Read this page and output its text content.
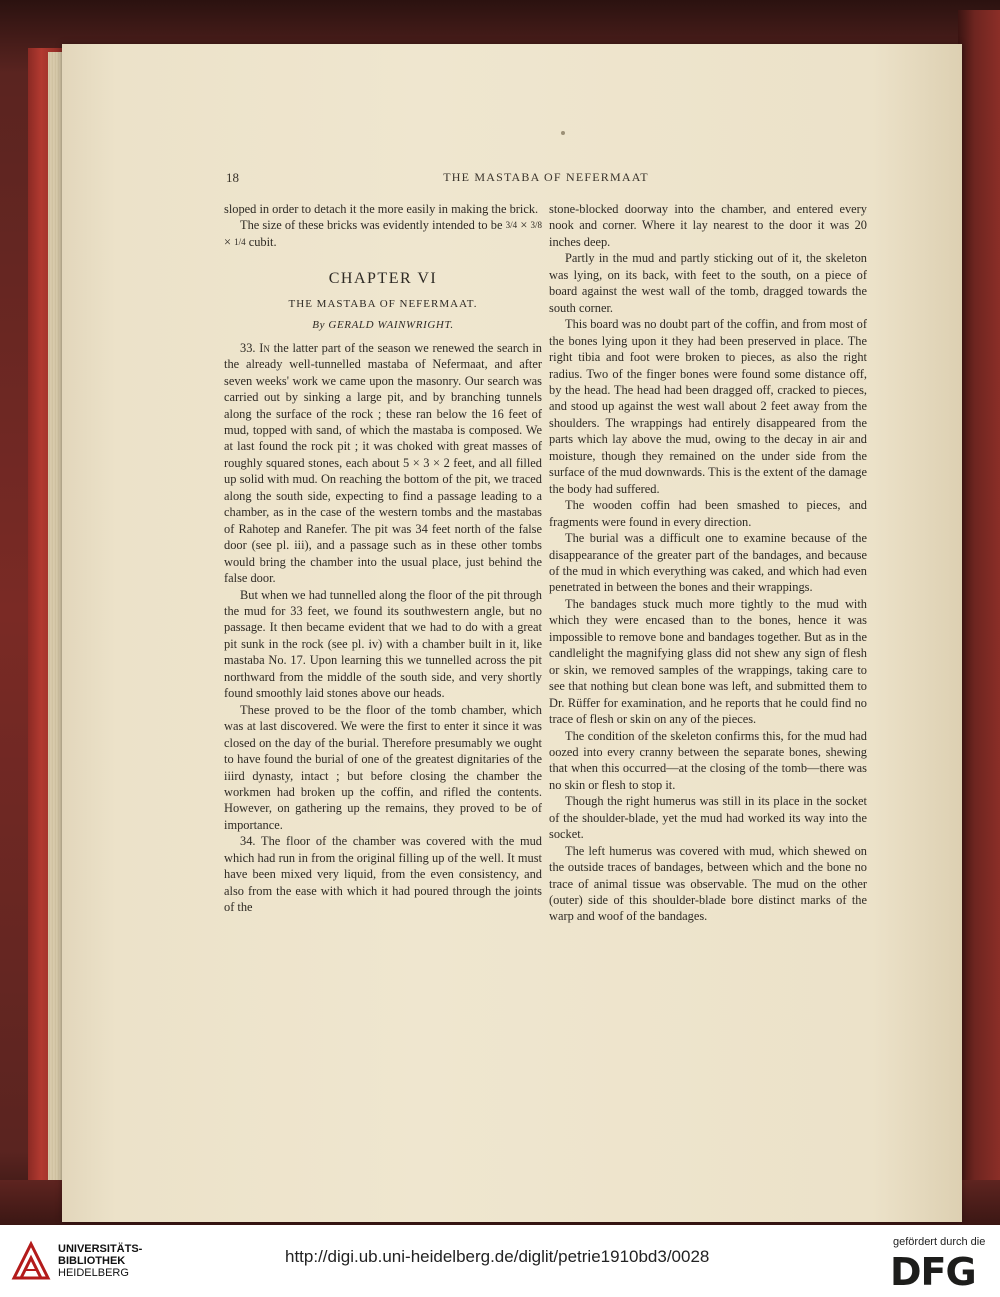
18	THE MASTABA OF NEFERMAAT

sloped in order to detach it the more easily in making the brick.

The size of these bricks was evidently intended to be 3/4 × 3/8 × 1/4 cubit.

CHAPTER VI
THE MASTABA OF NEFERMAAT.
By GERALD WAINWRIGHT.

33. In the latter part of the season we renewed the search in the already well-tunnelled mastaba of Nefermaat, and after seven weeks' work we came upon the masonry. Our search was carried out by sinking a large pit, and by branching tunnels along the surface of the rock ; these ran below the 16 feet of mud, topped with sand, of which the mastaba is composed. We at last found the rock pit ; it was choked with great masses of roughly squared stones, each about 5 × 3 × 2 feet, and all filled up solid with mud. On reaching the bottom of the pit, we traced along the south side, expecting to find a passage leading to a chamber, as in the case of the western tombs and the mastabas of Rahotep and Ranefer. The pit was 34 feet north of the false door (see pl. iii), and a passage such as in these other tombs would bring the chamber into the usual place, just behind the false door.

But when we had tunnelled along the floor of the pit through the mud for 33 feet, we found its southwestern angle, but no passage. It then became evident that we had to do with a great pit sunk in the rock (see pl. iv) with a chamber built in it, like mastaba No. 17. Upon learning this we tunnelled across the pit northward from the middle of the south side, and very shortly found smoothly laid stones above our heads.

These proved to be the floor of the tomb chamber, which was at last discovered. We were the first to enter it since it was closed on the day of the burial. Therefore presumably we ought to have found the burial of one of the greatest dignitaries of the iiird dynasty, intact ; but before closing the chamber the workmen had broken up the coffin, and rifled the contents. However, on gathering up the remains, they proved to be of importance.

34. The floor of the chamber was covered with the mud which had run in from the original filling up of the well. It must have been mixed very liquid, from the even consistency, and also from the ease with which it had poured through the joints of the

stone-blocked doorway into the chamber, and entered every nook and corner. Where it lay nearest to the door it was 20 inches deep.

Partly in the mud and partly sticking out of it, the skeleton was lying, on its back, with feet to the south, on a piece of board against the west wall of the tomb, dragged towards the south corner.

This board was no doubt part of the coffin, and from most of the bones lying upon it they had been preserved in place. The right tibia and foot were broken to pieces, as also the right radius. Two of the finger bones were found some distance off, by the head. The head had been dragged off, cracked to pieces, and stood up against the west wall about 2 feet away from the shoulders. The wrappings had entirely disappeared from the parts which lay above the mud, owing to the decay in air and moisture, though they remained on the under side from the surface of the mud downwards. This is the extent of the damage the body had suffered.

The wooden coffin had been smashed to pieces, and fragments were found in every direction.

The burial was a difficult one to examine because of the disappearance of the greater part of the bandages, and because of the mud in which everything was caked, and which had even penetrated in between the bones and their wrappings.

The bandages stuck much more tightly to the mud with which they were encased than to the bones, hence it was impossible to remove bone and bandages together. But as in the candlelight the magnifying glass did not shew any sign of flesh or skin, we removed samples of the wrappings, taking care to see that nothing but clean bone was left, and submitted them to Dr. Rüffer for examination, and he reports that he could find no trace of flesh or skin on any of the pieces.

The condition of the skeleton confirms this, for the mud had oozed into every cranny between the separate bones, shewing that when this occurred—at the closing of the tomb—there was no skin or flesh to stop it.

Though the right humerus was still in its place in the socket of the shoulder-blade, yet the mud had worked its way into the socket.

The left humerus was covered with mud, which shewed on the outside traces of bandages, between which and the bone no trace of animal tissue was observable. The mud on the other (outer) side of this shoulder-blade bore distinct marks of the warp and woof of the bandages.

UNIVERSITÄTS-
BIBLIOTHEK
HEIDELBERG
http://digi.ub.uni-heidelberg.de/diglit/petrie1910bd3/0028
gefördert durch die
DFG
